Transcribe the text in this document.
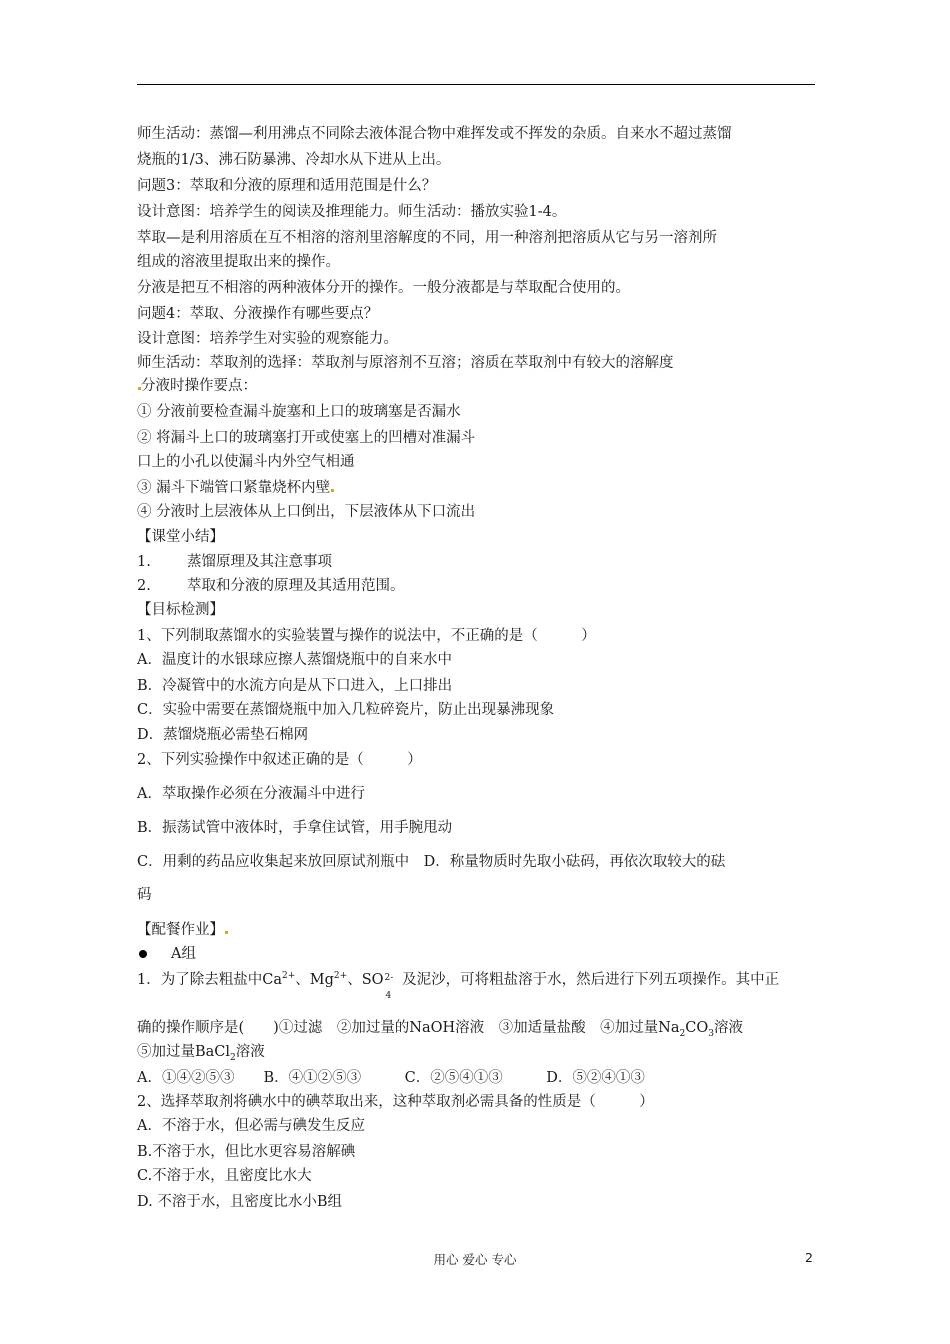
师生活动：蒸馏—利用沸点不同除去液体混合物中难挥发或不挥发的杂质。自来水不超过蒸馏
烧瓶的1/3、沸石防暴沸、冷却水从下进从上出。
问题3：萃取和分液的原理和适用范围是什么？
设计意图：培养学生的阅读及推理能力。师生活动：播放实验1-4。
萃取—是利用溶质在互不相溶的溶剂里溶解度的不同，用一种溶剂把溶质从它与另一溶剂所
组成的溶液里提取出来的操作。
分液是把互不相溶的两种液体分开的操作。一般分液都是与萃取配合使用的。
问题4：萃取、分液操作有哪些要点？
设计意图：培养学生对实验的观察能力。
师生活动：萃取剂的选择：萃取剂与原溶剂不互溶；溶质在萃取剂中有较大的溶解度
分液时操作要点：
① 分液前要检查漏斗旋塞和上口的玻璃塞是否漏水
② 将漏斗上口的玻璃塞打开或使塞上的凹槽对准漏斗
口上的小孔以使漏斗内外空气相通
③ 漏斗下端管口紧靠烧杯内壁
④ 分液时上层液体从上口倒出，下层液体从下口流出
【课堂小结】
1. 蒸馏原理及其注意事项
2. 萃取和分液的原理及其适用范围。
【目标检测】
1、下列制取蒸馏水的实验装置与操作的说法中，不正确的是（　　　）
A．温度计的水银球应擦人蒸馏烧瓶中的自来水中
B．冷凝管中的水流方向是从下口进入，上口排出
C．实验中需要在蒸馏烧瓶中加入几粒碎瓷片，防止出现暴沸现象
D．蒸馏烧瓶必需垫石棉网
2、下列实验操作中叙述正确的是（　　　）
A．萃取操作必须在分液漏斗中进行
B．振荡试管中液体时，手拿住试管，用手腕甩动
C．用剩的药品应收集起来放回原试剂瓶中　D．称量物质时先取小砝码，再依次取较大的砝
码
【配餐作业】
A组
1．为了除去粗盐中$Ca^{2+}$、$Mg^{2+}$、SO 2-
4
及泥沙，可将粗盐溶于水，然后进行下列五项操作。其中正
确的操作顺序是(　　)①过滤　②加过量的NaOH溶液　③加适量盐酸　④加过量$Na_2CO_3$溶液
⑤加过量BaCl$_2$溶液
A．①④②⑤③　　B．④①②⑤③　　　C．②⑤④①③　　　D．⑤②④①③
2、选择萃取剂将碘水中的碘萃取出来，这种萃取剂必需具备的性质是（　　　）
A．不溶于水，但必需与碘发生反应
B.不溶于水，但比水更容易溶解碘
C.不溶于水，且密度比水大
D. 不溶于水，且密度比水小B组
用心 爱心 专心	2
